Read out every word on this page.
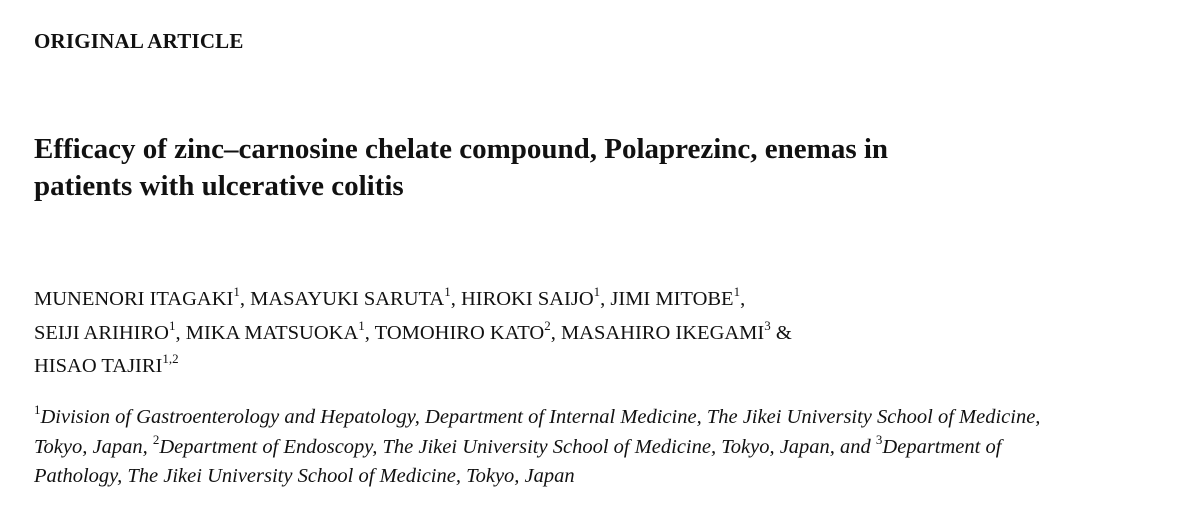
ORIGINAL ARTICLE
Efficacy of zinc–carnosine chelate compound, Polaprezinc, enemas in
patients with ulcerative colitis
MUNENORI ITAGAKI$^1$, MASAYUKI SARUTA$^1$, HIROKI SAIJO$^1$, JIMI MITOBE$^1$,
SEIJI ARIHIRO$^1$, MIKA MATSUOKA$^1$, TOMOHIRO KATO$^2$, MASAHIRO IKEGAMI$^3$ &
HISAO TAJIRI$^{1,2}$
$^1$Division of Gastroenterology and Hepatology, Department of Internal Medicine, The Jikei University School of Medicine,
Tokyo, Japan, $^2$Department of Endoscopy, The Jikei University School of Medicine, Tokyo, Japan, and $^3$Department of
Pathology, The Jikei University School of Medicine, Tokyo, Japan
